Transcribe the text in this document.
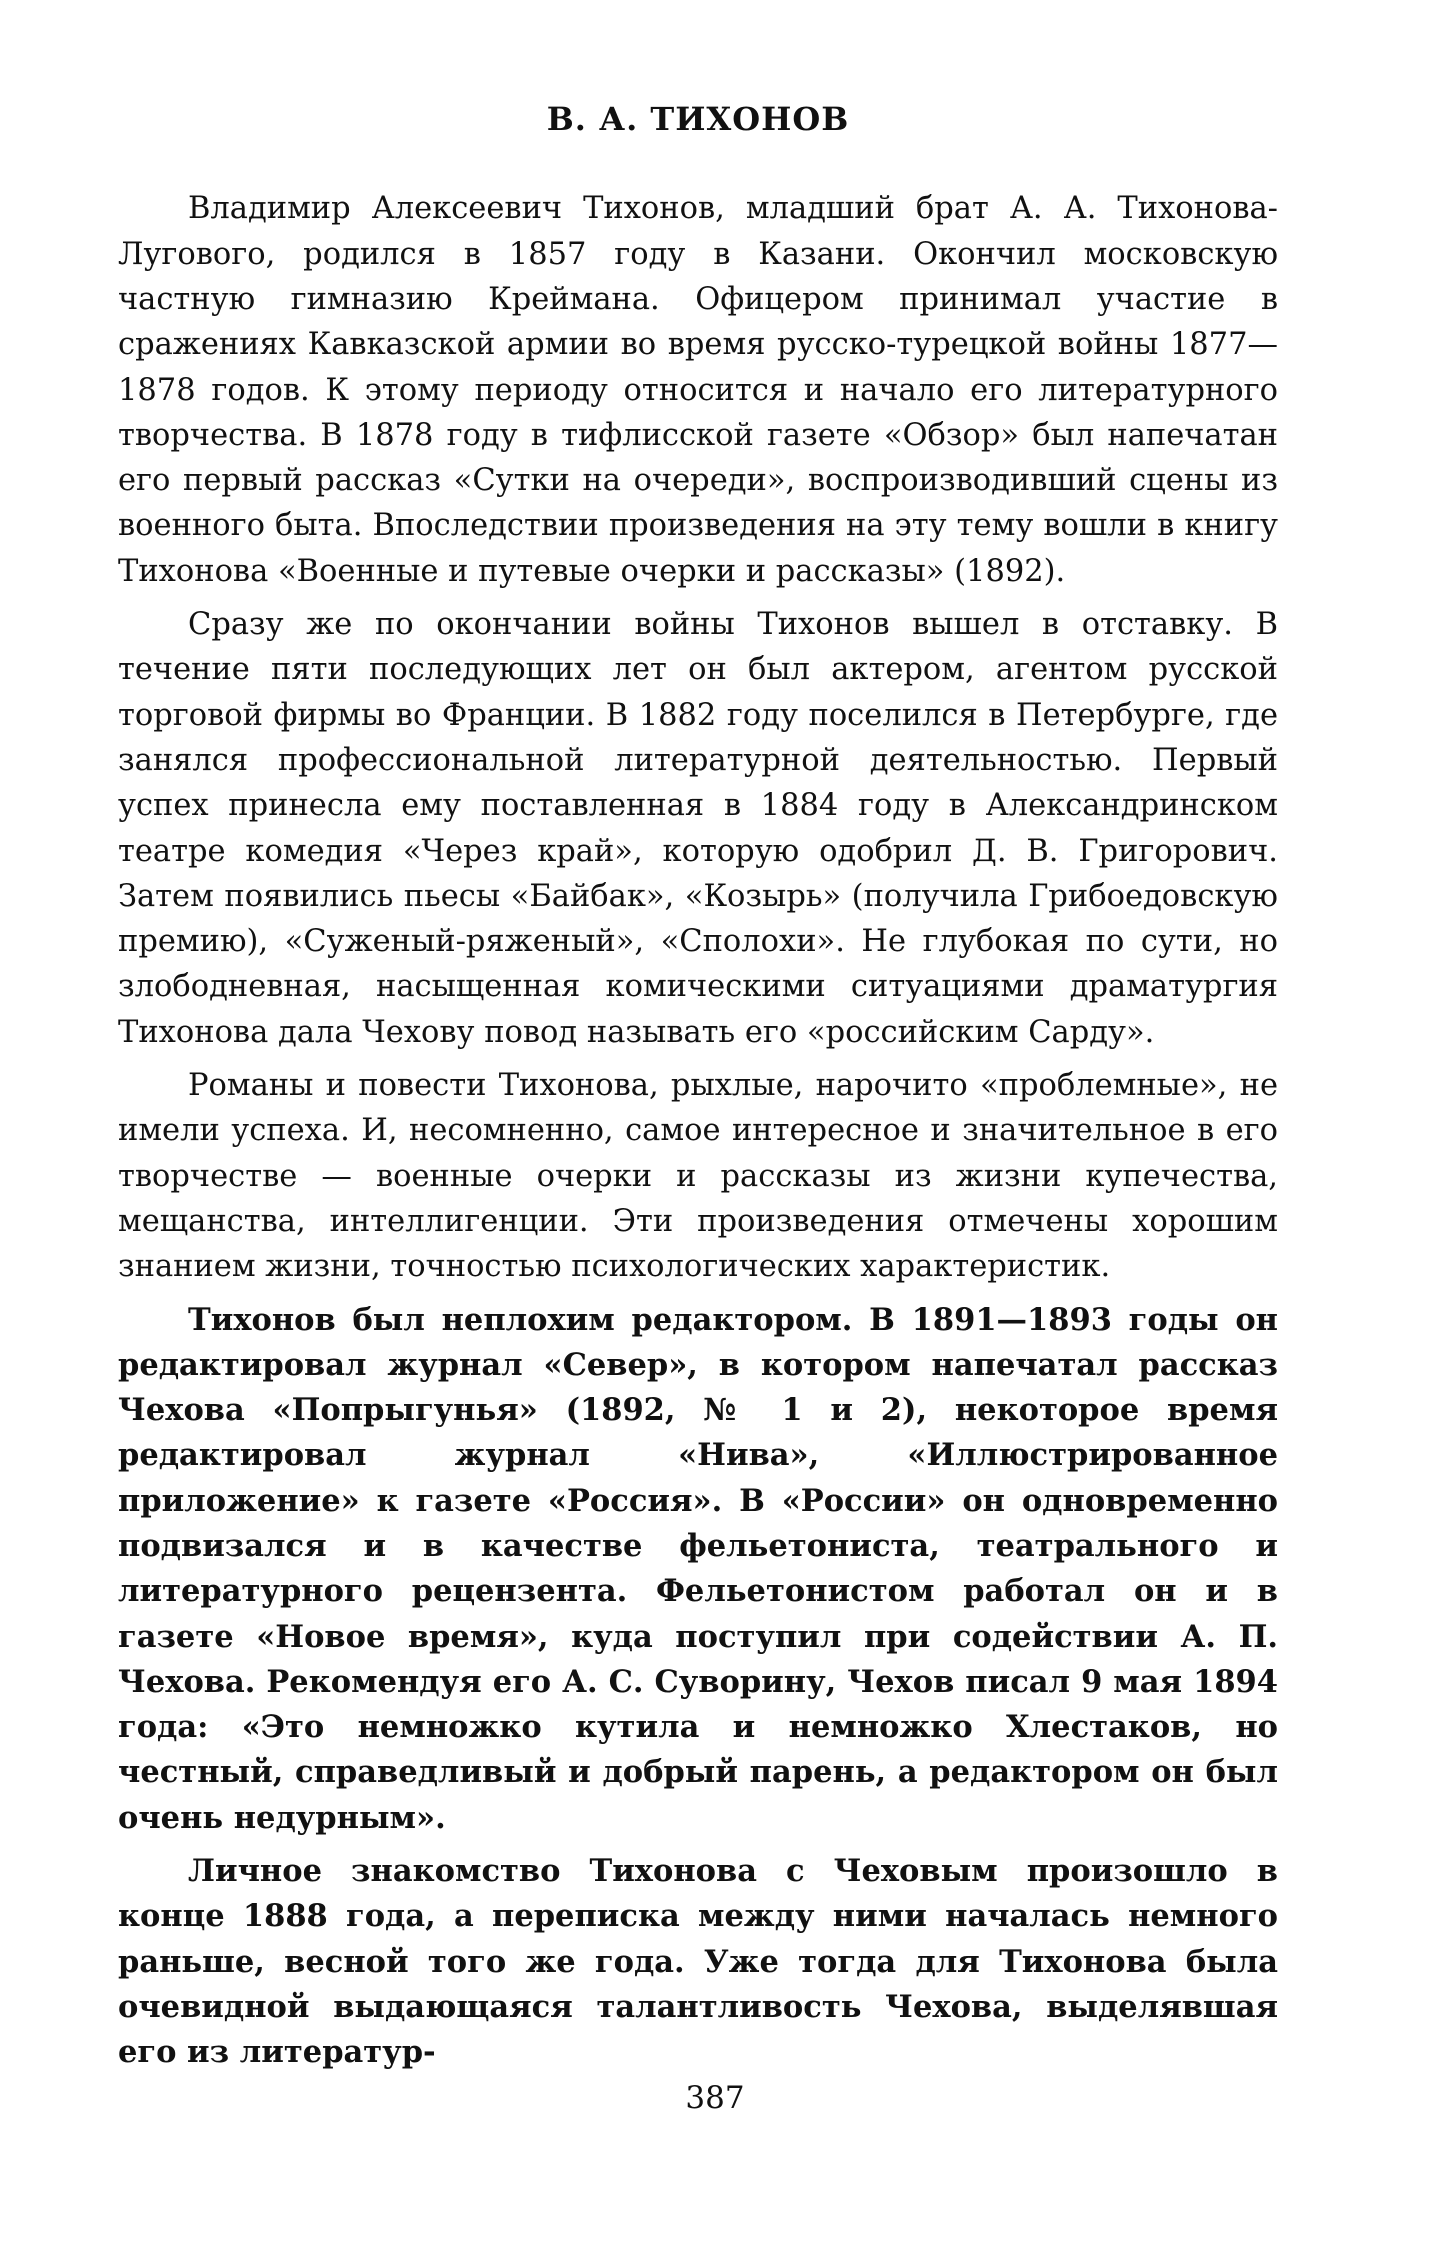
В. А. ТИХОНОВ

Владимир Алексеевич Тихонов, младший брат А. А. Тихонова-Лугового, родился в 1857 году в Казани. Окончил московскую частную гимназию Креймана. Офицером принимал участие в сражениях Кавказской армии во время русско-турецкой войны 1877—1878 годов. К этому периоду относится и начало его литературного творчества. В 1878 году в тифлисской газете «Обзор» был напечатан его первый рассказ «Сутки на очереди», воспроизводивший сцены из военного быта. Впоследствии произведения на эту тему вошли в книгу Тихонова «Военные и путевые очерки и рассказы» (1892).

Сразу же по окончании войны Тихонов вышел в отставку. В течение пяти последующих лет он был актером, агентом русской торговой фирмы во Франции. В 1882 году поселился в Петербурге, где занялся профессиональной литературной деятельностью. Первый успех принесла ему поставленная в 1884 году в Александринском театре комедия «Через край», которую одобрил Д. В. Григорович. Затем появились пьесы «Байбак», «Козырь» (получила Грибоедовскую премию), «Суженый-ряженый», «Сполохи». Не глубокая по сути, но злободневная, насыщенная комическими ситуациями драматургия Тихонова дала Чехову повод называть его «российским Сарду».

Романы и повести Тихонова, рыхлые, нарочито «проблемные», не имели успеха. И, несомненно, самое интересное и значительное в его творчестве — военные очерки и рассказы из жизни купечества, мещанства, интеллигенции. Эти произведения отмечены хорошим знанием жизни, точностью психологических характеристик.

Тихонов был неплохим редактором. В 1891—1893 годы он редактировал журнал «Север», в котором напечатал рассказ Чехова «Попрыгунья» (1892, № 1 и 2), некоторое время редактировал журнал «Нива», «Иллюстрированное приложение» к газете «Россия». В «России» он одновременно подвизался и в качестве фельетониста, театрального и литературного рецензента. Фельетонистом работал он и в газете «Новое время», куда поступил при содействии А. П. Чехова. Рекомендуя его А. С. Суворину, Чехов писал 9 мая 1894 года: «Это немножко кутила и немножко Хлестаков, но честный, справедливый и добрый парень, а редактором он был очень недурным».

Личное знакомство Тихонова с Чеховым произошло в конце 1888 года, а переписка между ними началась немного раньше, весной того же года. Уже тогда для Тихонова была очевидной выдающаяся талантливость Чехова, выделявшая его из литератур-

387
